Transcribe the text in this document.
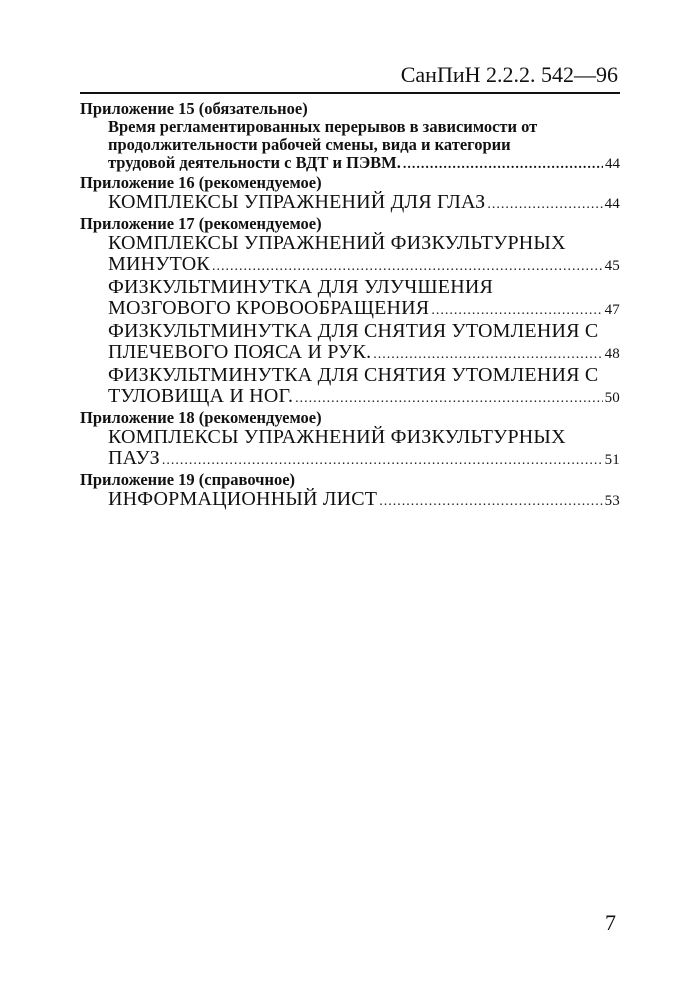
СанПиН 2.2.2. 542—96
Приложение 15 (обязательное)
Время регламентированных перерывов в зависимости от продолжительности рабочей смены, вида и категории
трудовой деятельности с ВДТ и ПЭВМ. .....	44
Приложение 16 (рекомендуемое)
КОМПЛЕКСЫ УПРАЖНЕНИЙ ДЛЯ ГЛАЗ .....	44
Приложение 17 (рекомендуемое)
КОМПЛЕКСЫ УПРАЖНЕНИЙ ФИЗКУЛЬТУРНЫХ
МИНУТОК .....	45
ФИЗКУЛЬТМИНУТКА ДЛЯ УЛУЧШЕНИЯ
МОЗГОВОГО КРОВООБРАЩЕНИЯ .....	47
ФИЗКУЛЬТМИНУТКА ДЛЯ СНЯТИЯ УТОМЛЕНИЯ С
ПЛЕЧЕВОГО ПОЯСА И РУК. .....	48
ФИЗКУЛЬТМИНУТКА ДЛЯ СНЯТИЯ УТОМЛЕНИЯ С
ТУЛОВИЩА И НОГ. .....	50
Приложение 18 (рекомендуемое)
КОМПЛЕКСЫ УПРАЖНЕНИЙ ФИЗКУЛЬТУРНЫХ
ПАУЗ .....	51
Приложение 19 (справочное)
ИНФОРМАЦИОННЫЙ ЛИСТ .....	53
7
